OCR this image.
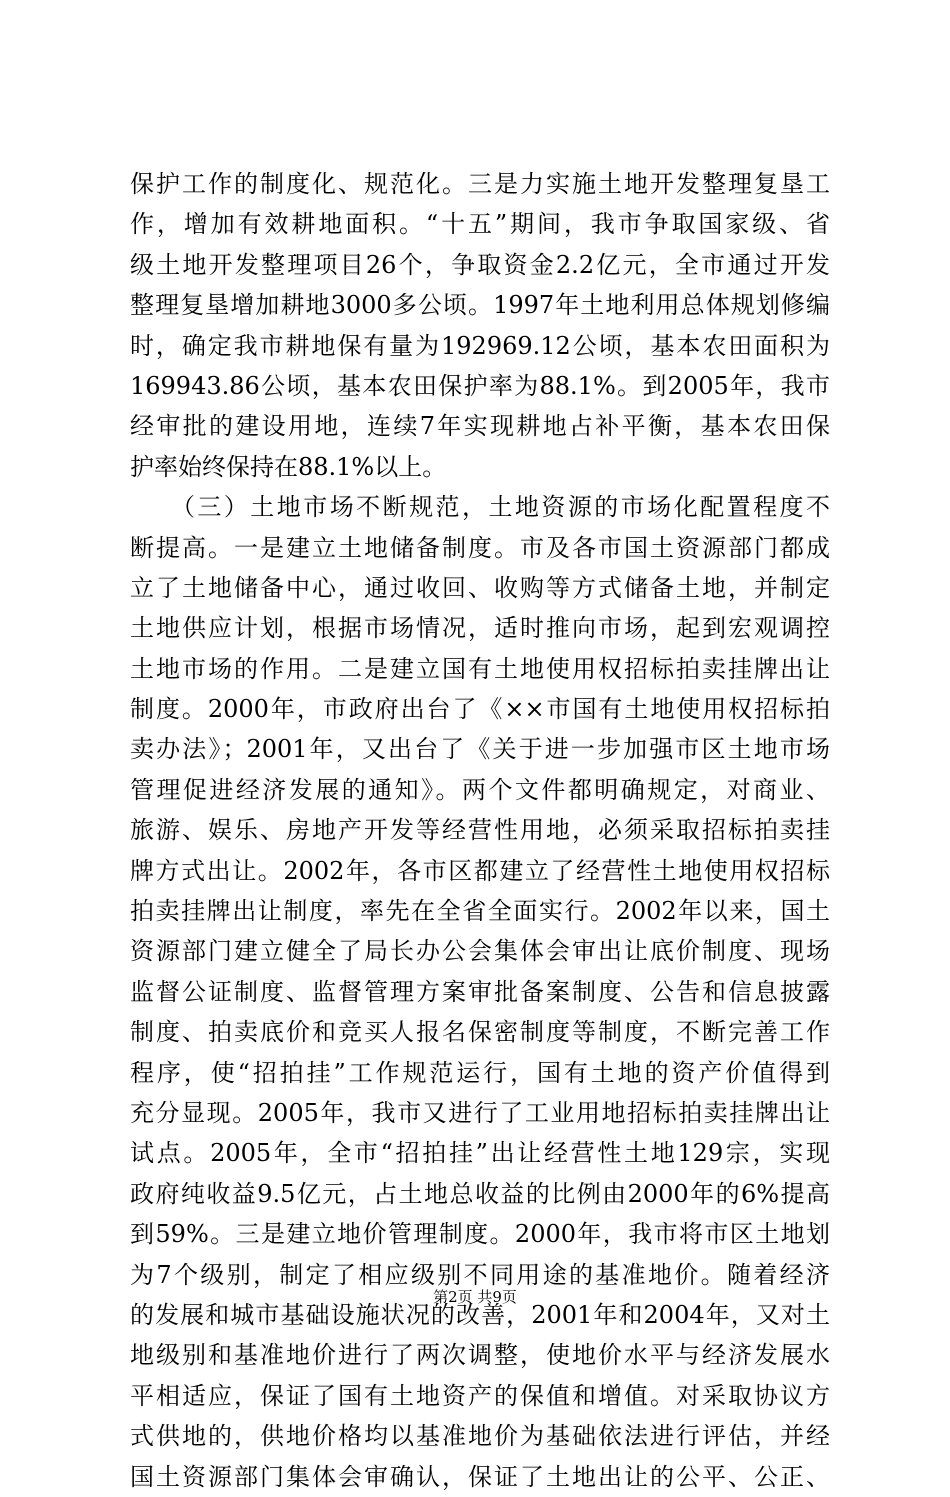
保护工作的制度化、规范化。三是力实施土地开发整理复垦工
作，增加有效耕地面积。“十五”期间，我市争取国家级、省
级土地开发整理项目26个，争取资金2.2亿元，全市通过开发
整理复垦增加耕地3000多公顷。1997年土地利用总体规划修编
时，确定我市耕地保有量为192969.12公顷，基本农田面积为
169943.86公顷，基本农田保护率为88.1%。到2005年，我市
经审批的建设用地，连续7年实现耕地占补平衡，基本农田保
护率始终保持在88.1%以上。
　　（三）土地市场不断规范，土地资源的市场化配置程度不
断提高。一是建立土地储备制度。市及各市国土资源部门都成
立了土地储备中心，通过收回、收购等方式储备土地，并制定
土地供应计划，根据市场情况，适时推向市场，起到宏观调控
土地市场的作用。二是建立国有土地使用权招标拍卖挂牌出让
制度。2000年，市政府出台了《××市国有土地使用权招标拍
卖办法》；2001年，又出台了《关于进一步加强市区土地市场
管理促进经济发展的通知》。两个文件都明确规定，对商业、
旅游、娱乐、房地产开发等经营性用地，必须采取招标拍卖挂
牌方式出让。2002年，各市区都建立了经营性土地使用权招标
拍卖挂牌出让制度，率先在全省全面实行。2002年以来，国土
资源部门建立健全了局长办公会集体会审出让底价制度、现场
监督公证制度、监督管理方案审批备案制度、公告和信息披露
制度、拍卖底价和竞买人报名保密制度等制度，不断完善工作
程序，使“招拍挂”工作规范运行，国有土地的资产价值得到
充分显现。2005年，我市又进行了工业用地招标拍卖挂牌出让
试点。2005年，全市“招拍挂”出让经营性土地129宗，实现
政府纯收益9.5亿元，占土地总收益的比例由2000年的6%提高
到59%。三是建立地价管理制度。2000年，我市将市区土地划
为7个级别，制定了相应级别不同用途的基准地价。随着经济
的发展和城市基础设施状况的改善，2001年和2004年，又对土
地级别和基准地价进行了两次调整，使地价水平与经济发展水
平相适应，保证了国有土地资产的保值和增值。对采取协议方
式供地的，供地价格均以基准地价为基础依法进行评估，并经
国土资源部门集体会审确认，保证了土地出让的公平、公正、
第2页 共9页
